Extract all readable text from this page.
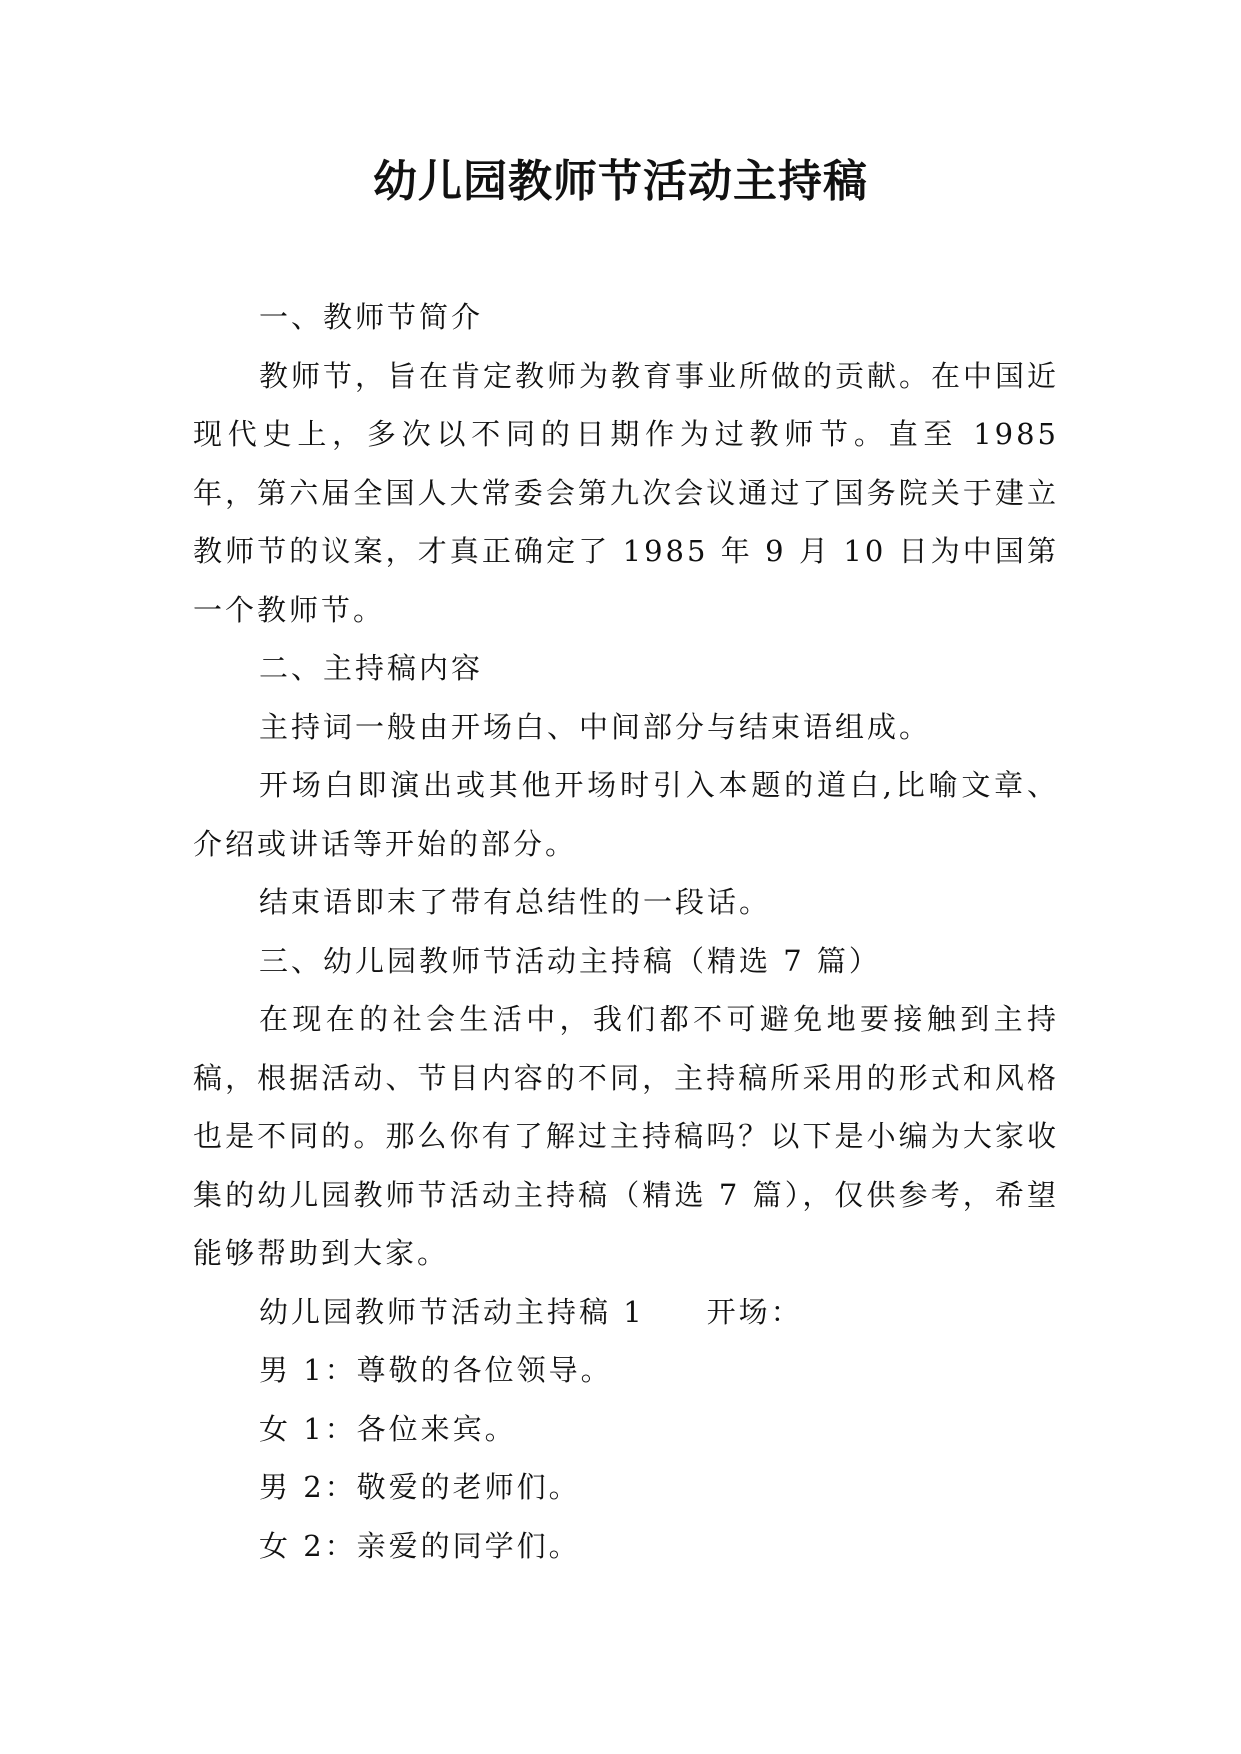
幼儿园教师节活动主持稿

一、教师节简介

教师节，旨在肯定教师为教育事业所做的贡献。在中国近现代史上，多次以不同的日期作为过教师节。直至 1985 年，第六届全国人大常委会第九次会议通过了国务院关于建立教师节的议案，才真正确定了 1985 年 9 月 10 日为中国第一个教师节。

二、主持稿内容

主持词一般由开场白、中间部分与结束语组成。

开场白即演出或其他开场时引入本题的道白,比喻文章、介绍或讲话等开始的部分。

结束语即末了带有总结性的一段话。

三、幼儿园教师节活动主持稿（精选 7 篇）

在现在的社会生活中，我们都不可避免地要接触到主持稿，根据活动、节目内容的不同，主持稿所采用的形式和风格也是不同的。那么你有了解过主持稿吗？以下是小编为大家收集的幼儿园教师节活动主持稿（精选 7 篇），仅供参考，希望能够帮助到大家。

幼儿园教师节活动主持稿 1 开场：

男 1：尊敬的各位领导。

女 1：各位来宾。

男 2：敬爱的老师们。

女 2：亲爱的同学们。
